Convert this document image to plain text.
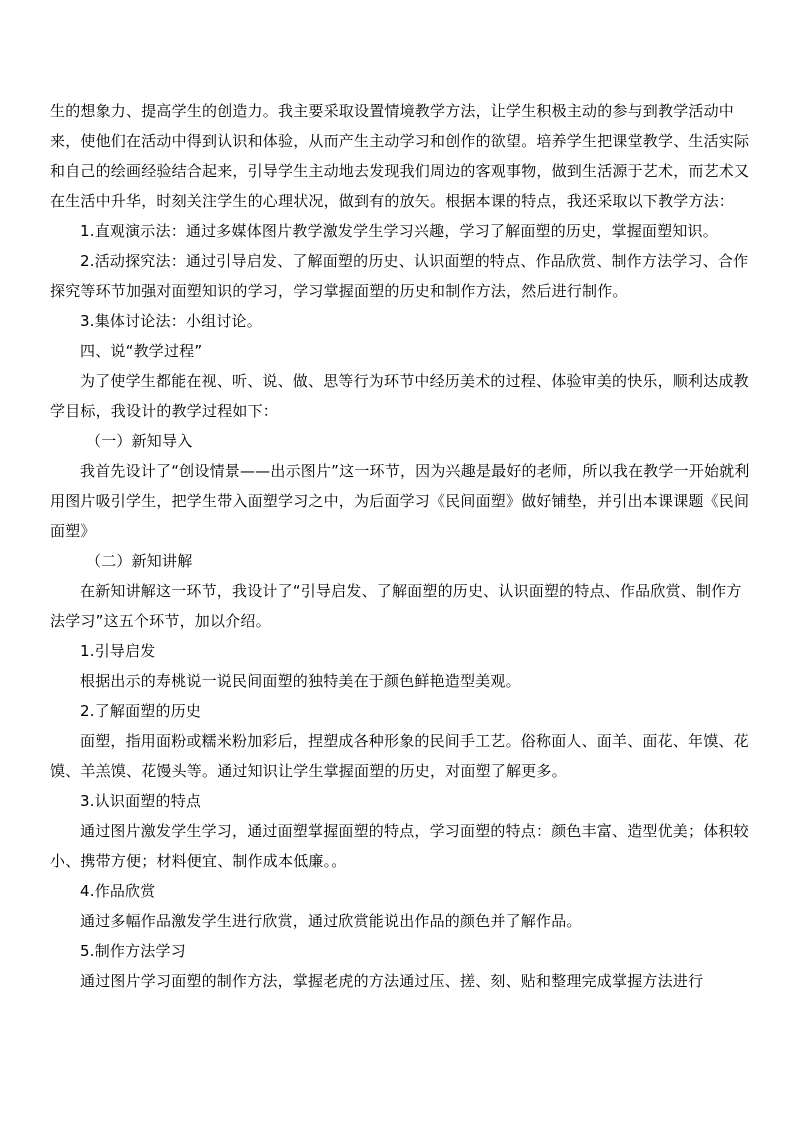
生的想象力、提高学生的创造力。我主要采取设置情境教学方法，让学生积极主动的参与到教学活动中来，使他们在活动中得到认识和体验，从而产生主动学习和创作的欲望。培养学生把课堂教学、生活实际和自己的绘画经验结合起来，引导学生主动地去发现我们周边的客观事物，做到生活源于艺术，而艺术又在生活中升华，时刻关注学生的心理状况，做到有的放矢。根据本课的特点，我还采取以下教学方法：

1.直观演示法：通过多媒体图片教学激发学生学习兴趣，学习了解面塑的历史，掌握面塑知识。

2.活动探究法：通过引导启发、了解面塑的历史、认识面塑的特点、作品欣赏、制作方法学习、合作探究等环节加强对面塑知识的学习，学习掌握面塑的历史和制作方法，然后进行制作。

3.集体讨论法：小组讨论。

四、说“教学过程”

为了使学生都能在视、听、说、做、思等行为环节中经历美术的过程、体验审美的快乐，顺利达成教学目标，我设计的教学过程如下：

（一）新知导入

我首先设计了“创设情景——出示图片”这一环节，因为兴趣是最好的老师，所以我在教学一开始就利用图片吸引学生，把学生带入面塑学习之中，为后面学习《民间面塑》做好铺垫，并引出本课课题《民间面塑》

（二）新知讲解

在新知讲解这一环节，我设计了“引导启发、了解面塑的历史、认识面塑的特点、作品欣赏、制作方法学习”这五个环节，加以介绍。

1.引导启发

根据出示的寿桃说一说民间面塑的独特美在于颜色鲜艳造型美观。

2.了解面塑的历史

面塑，指用面粉或糯米粉加彩后，捏塑成各种形象的民间手工艺。俗称面人、面羊、面花、年馍、花馍、羊羔馍、花馒头等。通过知识让学生掌握面塑的历史，对面塑了解更多。

3.认识面塑的特点

通过图片激发学生学习，通过面塑掌握面塑的特点，学习面塑的特点：颜色丰富、造型优美；体积较小、携带方便；材料便宜、制作成本低廉。。

4.作品欣赏

通过多幅作品激发学生进行欣赏，通过欣赏能说出作品的颜色并了解作品。

5.制作方法学习

通过图片学习面塑的制作方法，掌握老虎的方法通过压、搓、刻、贴和整理完成掌握方法进行
